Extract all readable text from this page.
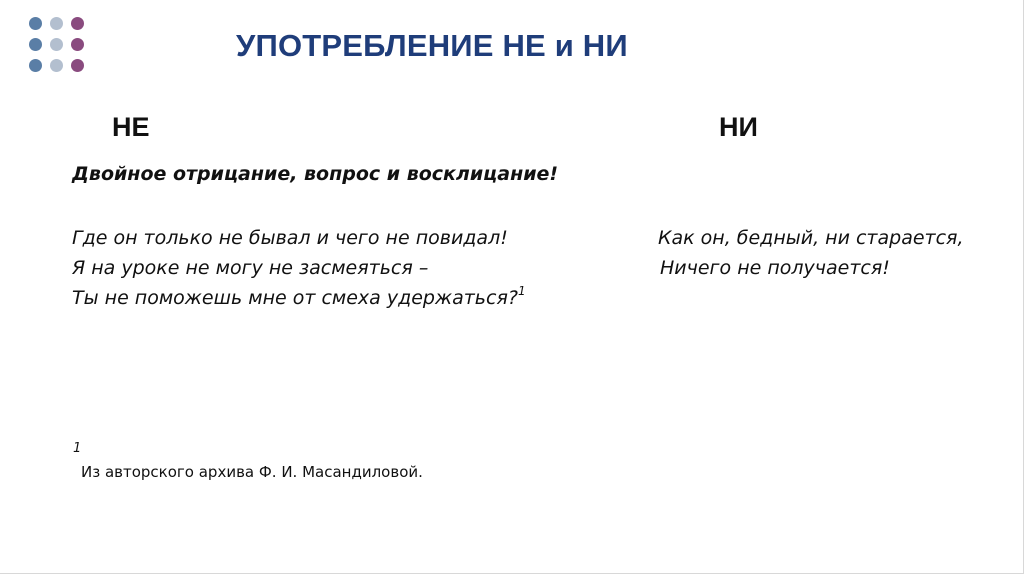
УПОТРЕБЛЕНИЕ НЕ и НИ
НЕ	НИ
Двойное отрицание, вопрос и восклицание!
Где он только не бывал и чего не повидал!
Я на уроке не могу не засмеяться –
Ты не поможешь мне от смеха удержаться?$^1$
Как он, бедный, ни старается,
Ничего не получается!
1
Из авторского архива Ф. И. Масандиловой.
